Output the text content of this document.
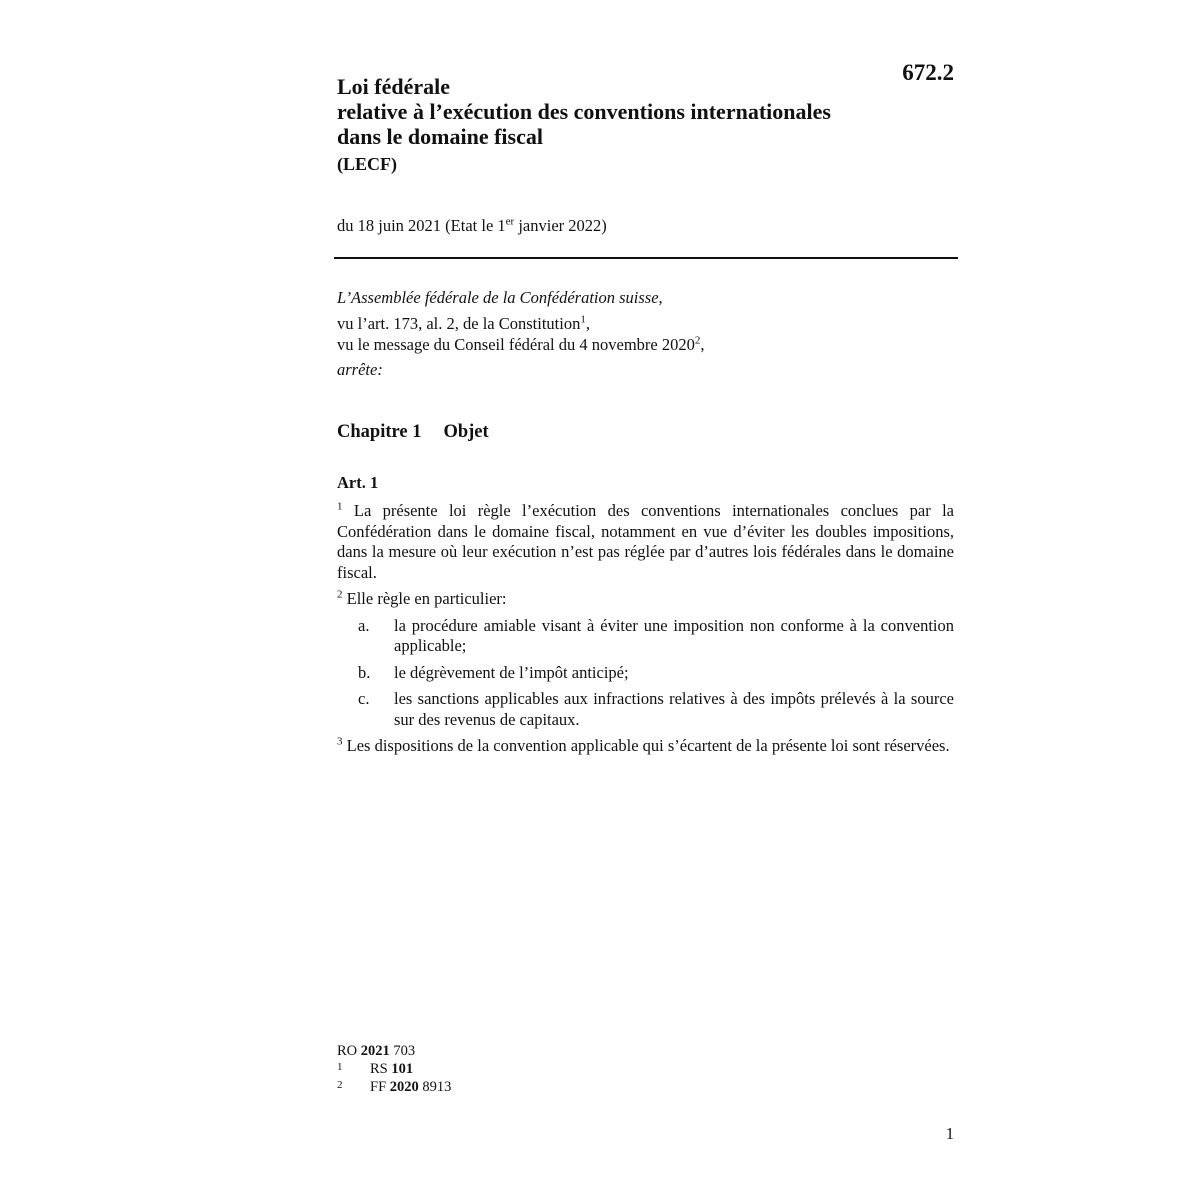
672.2
Loi fédérale
relative à l’exécution des conventions internationales
dans le domaine fiscal
(LECF)
du 18 juin 2021 (Etat le 1er janvier 2022)
L’Assemblée fédérale de la Confédération suisse,
vu l’art. 173, al. 2, de la Constitution$^1$,
vu le message du Conseil fédéral du 4 novembre 2020$^2$,
arrête:
Chapitre 1 Objet
Art. 1

$^1$ La présente loi règle l’exécution des conventions internationales conclues par la Confédération dans le domaine fiscal, notamment en vue d’éviter les doubles impositions, dans la mesure où leur exécution n’est pas réglée par d’autres lois fédérales dans le domaine fiscal.

$^2$ Elle règle en particulier:

a. la procédure amiable visant à éviter une imposition non conforme à la convention applicable;
b. le dégrèvement de l’impôt anticipé;
c. les sanctions applicables aux infractions relatives à des impôts prélevés à la source sur des revenus de capitaux.

$^3$ Les dispositions de la convention applicable qui s’écartent de la présente loi sont réservées.

RO 2021 703
1 RS 101
2 FF 2020 8913
1
